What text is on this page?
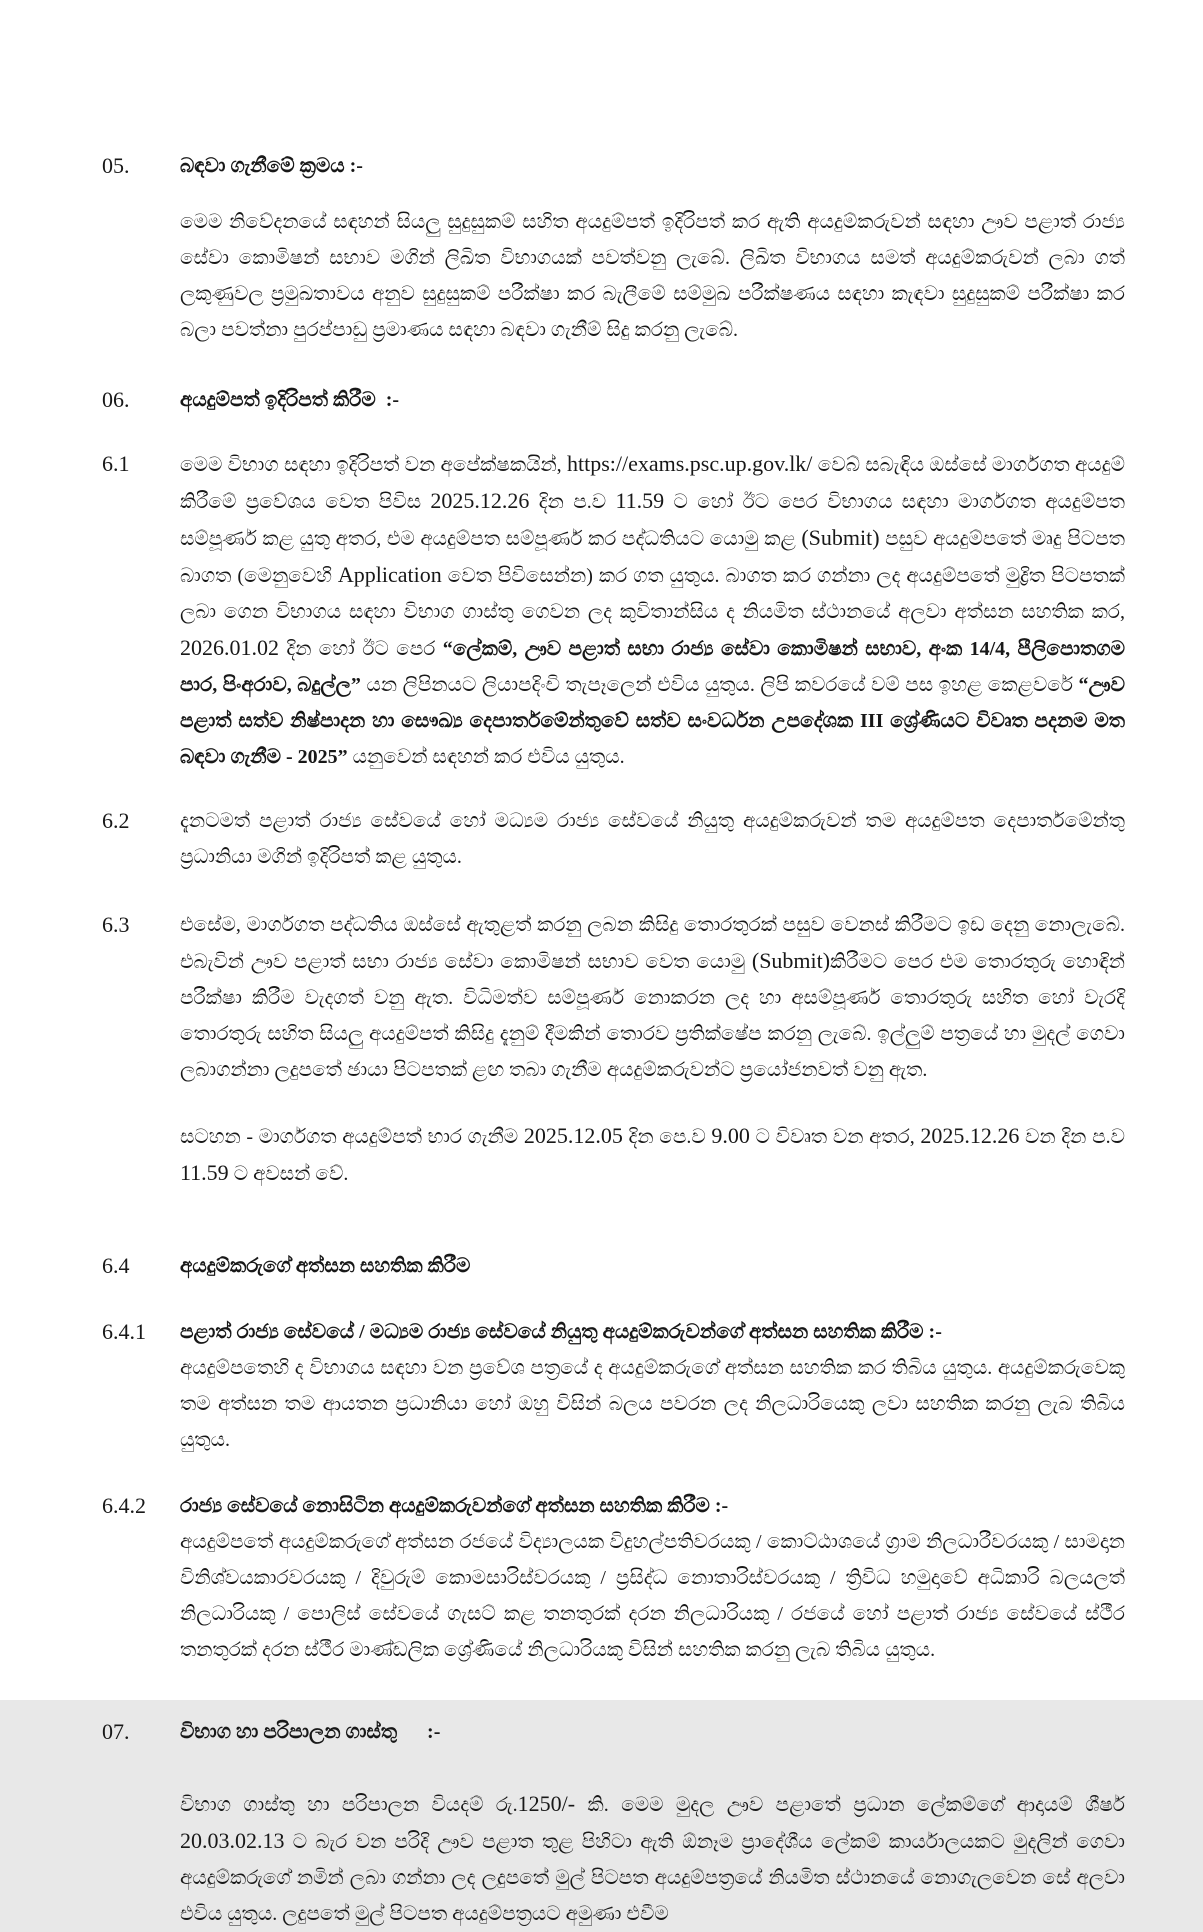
05.	බඳවා ගැනීමේ ක්‍රමය :-
මෙම නිවේදනයේ සඳහන් සියලු සුදුසුකම් සහිත අයදුම්පත් ඉදිරිපත් කර ඇති අයදුම්කරුවන් සඳහා ඌව පළාත් රාජ්‍ය සේවා කොමිෂන් සභාව මගින් ලිඛිත විභාගයක් පවත්වනු ලැබේ. ලිඛිත විභාගය සමත් අයදුම්කරුවන් ලබා ගත් ලකුණුවල ප්‍රමුඛතාවය අනුව සුදුසුකම් පරීක්ෂා කර බැලීමේ සම්මුඛ පරීක්ෂණය සඳහා කැඳවා සුදුසුකම් පරීක්ෂා කර බලා පවත්නා පුරප්පාඩු ප්‍රමාණය සඳහා බඳවා ගැනීම් සිදු කරනු ලැබේ.
06.	අයදුම්පත් ඉදිරිපත් කිරීම  :-
6.1	මෙම විභාග සඳහා ඉදිරිපත් වන අපේක්ෂකයින්, https://exams.psc.up.gov.lk/ වෙබ් සබැඳිය ඔස්සේ මාර්ගගත අයදුම් කිරීමේ ප්‍රවේශය වෙත පිවිස 2025.12.26 දින ප.ව 11.59 ට හෝ ඊට පෙර විභාගය සඳහා මාර්ගගත අයදුම්පත සම්පූර්ණ කළ යුතු අතර, එම අයදුම්පත සම්පූර්ණ කර පද්ධතියට යොමු කළ (Submit) පසුව අයදුම්පතේ මෘදු පිටපත බාගත (මෙනුවෙහි Application වෙත පිවිසෙන්න) කර ගත යුතුය. බාගත කර ගන්නා ලද අයදුම්පතේ මුද්‍රිත පිටපතක් ලබා ගෙන විභාගය සඳහා විභාග ගාස්තු ගෙවන ලද කුවිතාන්සිය ද නියමිත ස්ථානයේ අලවා අත්සන සහතික කර, 2026.01.02 දින හෝ ඊට පෙර “ලේකම්, ඌව පළාත් සභා රාජ්‍ය සේවා කොමිෂන් සභාව, අංක 14/4, පීලිපොතගම පාර, පිංඅරාව, බදුල්ල” යන ලිපිනයට ලියාපදිංචි තැපෑලෙන් එවිය යුතුය. ලිපි කවරයේ වම් පස ඉහළ කෙළවරේ “ඌව පළාත් සත්ව නිෂ්පාදන හා සෞඛ්‍ය දෙපාර්තමේන්තුවේ සත්ව සංවර්ධන උපදේශක III ශ්‍රේණියට විවෘත පදනම මත බඳවා ගැනීම - 2025” යනුවෙන් සඳහන් කර එවිය යුතුය.
6.2	දැනටමත් පළාත් රාජ්‍ය සේවයේ හෝ මධ්‍යම රාජ්‍ය සේවයේ නියුතු අයදුම්කරුවන් තම අයදුම්පත දෙපාර්තමේන්තු ප්‍රධානියා මගින් ඉදිරිපත් කළ යුතුය.
6.3	එසේම, මාර්ගගත පද්ධතිය ඔස්සේ ඇතුළත් කරනු ලබන කිසිදු තොරතුරක් පසුව වෙනස් කිරීමට ඉඩ දෙනු නොලැබේ. එබැවින් ඌව පළාත් සභා රාජ්‍ය සේවා කොමිෂන් සභාව වෙත යොමු (Submit)කිරීමට පෙර එම තොරතුරු හොඳින් පරීක්ෂා කිරීම වැදගත් වනු ඇත. විධිමත්ව සම්පූර්ණ නොකරන ලද හා අසම්පූර්ණ තොරතුරු සහිත හෝ වැරදි තොරතුරු සහිත සියලු අයදුම්පත් කිසිදු දැනුම් දීමකින් තොරව ප්‍රතික්ෂේප කරනු ලැබේ. ඉල්ලුම් පත්‍රයේ හා මුදල් ගෙවා ලබාගන්නා ලදුපතේ ඡායා පිටපතක් ළඟ තබා ගැනීම අයදුම්කරුවන්ට ප්‍රයෝජනවත් වනු ඇත.
සටහන - මාර්ගගත අයදුම්පත් භාර ගැනීම 2025.12.05 දින පෙ.ව 9.00 ට විවෘත වන අතර, 2025.12.26 වන දින ප.ව 11.59 ට අවසන් වේ.
6.4	අයදුම්කරුගේ අත්සන සහතික කිරීම
6.4.1	පළාත් රාජ්‍ය සේවයේ / මධ්‍යම රාජ්‍ය සේවයේ නියුතු අයදුම්කරුවන්ගේ අත්සන සහතික කිරීම :-
අයදුම්පතෙහි ද විභාගය සඳහා වන ප්‍රවේශ පත්‍රයේ ද අයදුම්කරුගේ අත්සන සහතික කර තිබිය යුතුය. අයදුම්කරුවෙකු තම අත්සන තම ආයතන ප්‍රධානියා හෝ ඔහු විසින් බලය පවරන ලද නිලධාරියෙකු ලවා සහතික කරනු ලැබ තිබිය යුතුය.
6.4.2	රාජ්‍ය සේවයේ නොසිටින අයදුම්කරුවන්ගේ අත්සන සහතික කිරීම :-
අයදුම්පතේ අයදුම්කරුගේ අත්සන රජයේ විද්‍යාලයක විදුහල්පතිවරයකු / කොට්ඨාශයේ ග්‍රාම නිලධාරීවරයකු / සාමදාන විනිශ්වයකාරවරයකු / දිවුරුම් කොමසාරිස්වරයකු / ප්‍රසිද්ධ නොතාරිස්වරයකු / ත්‍රිවිධ හමුදාවේ අධිකාරි බලයලත් නිලධාරියකු / පොලිස් සේවයේ ගැසට් කළ තනතුරක් දරන නිලධාරියකු / රජයේ හෝ පළාත් රාජ්‍ය සේවයේ ස්ථීර තනතුරක් දරන ස්ථීර මාණ්ඩලික ශ්‍රේණියේ නිලධාරියකු විසින් සහතික කරනු ලැබ තිබිය යුතුය.
07.	විභාග හා පරිපාලන ගාස්තු      :-
විභාග ගාස්තු හා පරිපාලන වියදම් රු.1250/- කි. මෙම මුදල ඌව පළාතේ ප්‍රධාන ලේකම්ගේ ආදායම් ශීර්ෂ 20.03.02.13 ට බැර වන පරිදි ඌව පළාත තුළ පිහිටා ඇති ඕනෑම ප්‍රාදේශීය ලේකම් කාර්යාලයකට මුදලින් ගෙවා අයදුම්කරුගේ නමින් ලබා ගන්නා ලද ලදුපතේ මුල් පිටපත අයදුම්පත්‍රයේ නියමිත ස්ථානයේ නොගැලවෙන සේ අලවා එවිය යුතුය. ලදුපතේ මුල් පිටපත අයදුම්පත්‍රයට අමුණා එවීම
